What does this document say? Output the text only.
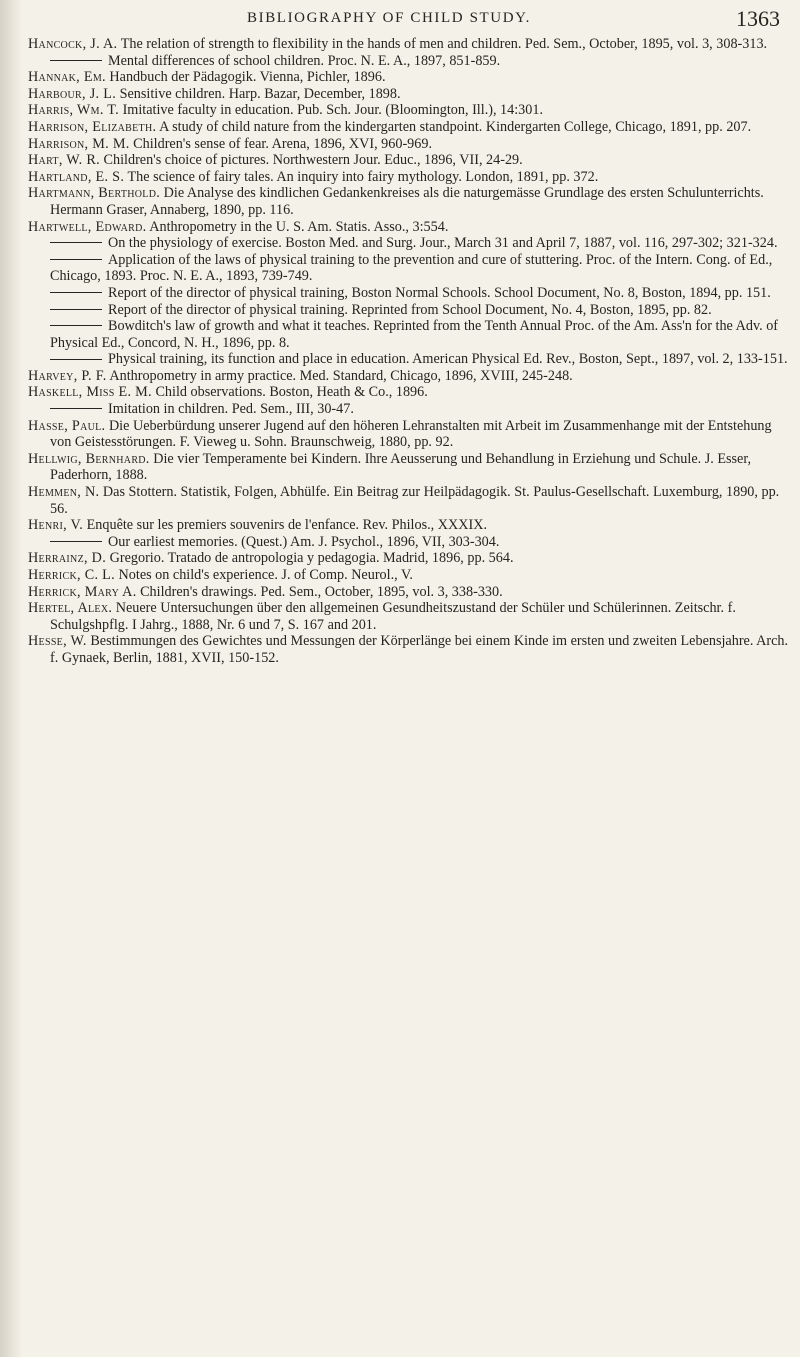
BIBLIOGRAPHY OF CHILD STUDY.	1363

Hancock, J. A. The relation of strength to flexibility in the hands of men and children. Ped. Sem., October, 1895, vol. 3, 308-313.

Mental differences of school children. Proc. N. E. A., 1897, 851-859.

Hannak, Em. Handbuch der Pädagogik. Vienna, Pichler, 1896.

Harbour, J. L. Sensitive children. Harp. Bazar, December, 1898.

Harris, Wm. T. Imitative faculty in education. Pub. Sch. Jour. (Bloomington, Ill.), 14:301.

Harrison, Elizabeth. A study of child nature from the kindergarten standpoint. Kindergarten College, Chicago, 1891, pp. 207.

Harrison, M. M. Children's sense of fear. Arena, 1896, XVI, 960-969.

Hart, W. R. Children's choice of pictures. Northwestern Jour. Educ., 1896, VII, 24-29.

Hartland, E. S. The science of fairy tales. An inquiry into fairy mythology. London, 1891, pp. 372.

Hartmann, Berthold. Die Analyse des kindlichen Gedankenkreises als die naturgemässe Grundlage des ersten Schulunterrichts. Hermann Graser, Annaberg, 1890, pp. 116.

Hartwell, Edward. Anthropometry in the U. S. Am. Statis. Asso., 3:554.

On the physiology of exercise. Boston Med. and Surg. Jour., March 31 and April 7, 1887, vol. 116, 297-302; 321-324.

Application of the laws of physical training to the prevention and cure of stuttering. Proc. of the Intern. Cong. of Ed., Chicago, 1893. Proc. N. E. A., 1893, 739-749.

Report of the director of physical training, Boston Normal Schools. School Document, No. 8, Boston, 1894, pp. 151.

Report of the director of physical training. Reprinted from School Document, No. 4, Boston, 1895, pp. 82.

Bowditch's law of growth and what it teaches. Reprinted from the Tenth Annual Proc. of the Am. Ass'n for the Adv. of Physical Ed., Concord, N. H., 1896, pp. 8.

Physical training, its function and place in education. American Physical Ed. Rev., Boston, Sept., 1897, vol. 2, 133-151.

Harvey, P. F. Anthropometry in army practice. Med. Standard, Chicago, 1896, XVIII, 245-248.

Haskell, Miss E. M. Child observations. Boston, Heath & Co., 1896.

Imitation in children. Ped. Sem., III, 30-47.

Hasse, Paul. Die Ueberbürdung unserer Jugend auf den höheren Lehranstalten mit Arbeit im Zusammenhange mit der Entstehung von Geistesstörungen. F. Vieweg u. Sohn. Braunschweig, 1880, pp. 92.

Hellwig, Bernhard. Die vier Temperamente bei Kindern. Ihre Aeusserung und Behandlung in Erziehung und Schule. J. Esser, Paderhorn, 1888.

Hemmen, N. Das Stottern. Statistik, Folgen, Abhülfe. Ein Beitrag zur Heilpädagogik. St. Paulus-Gesellschaft. Luxemburg, 1890, pp. 56.

Henri, V. Enquête sur les premiers souvenirs de l'enfance. Rev. Philos., XXXIX.

Our earliest memories. (Quest.) Am. J. Psychol., 1896, VII, 303-304.

Herrainz, D. Gregorio. Tratado de antropologia y pedagogia. Madrid, 1896, pp. 564.

Herrick, C. L. Notes on child's experience. J. of Comp. Neurol., V.

Herrick, Mary A. Children's drawings. Ped. Sem., October, 1895, vol. 3, 338-330.

Hertel, Alex. Neuere Untersuchungen über den allgemeinen Gesundheitszustand der Schüler und Schülerinnen. Zeitschr. f. Schulgshpflg. I Jahrg., 1888, Nr. 6 und 7, S. 167 and 201.

Hesse, W. Bestimmungen des Gewichtes und Messungen der Körperlänge bei einem Kinde im ersten und zweiten Lebensjahre. Arch. f. Gynaek, Berlin, 1881, XVII, 150-152.
